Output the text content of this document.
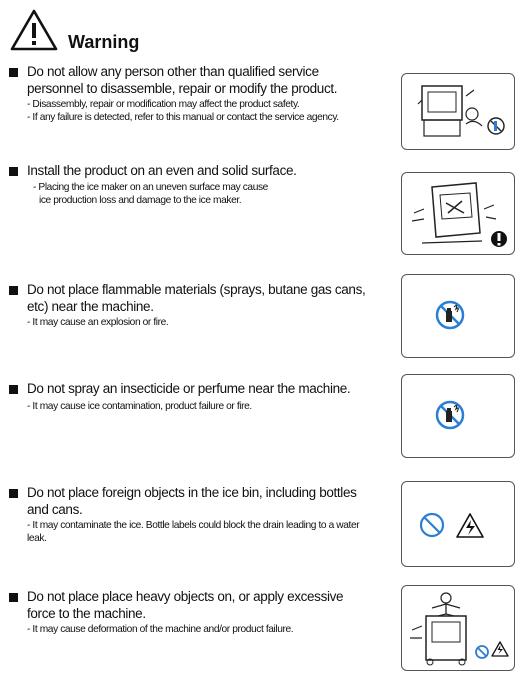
Warning
Do not allow any person other than qualified service
personnel to disassemble, repair or modify the product.
- Disassembly, repair or modification may affect the product safety.
- If any failure is detected, refer to this manual or contact the service agency.
Install the product on an even and solid surface.
- Placing the ice maker on an uneven surface may cause
ice production loss and damage to the ice maker.
Do not place flammable materials (sprays, butane gas cans,
etc) near the machine.
- It may cause an explosion or fire.
Do not spray an insecticide or perfume near the machine.
- It may cause ice contamination, product failure or fire.
Do not place foreign objects in the ice bin, including bottles
and cans.
- It may contaminate the ice. Bottle labels could block the drain leading to a water
leak.
Do not place place heavy objects on, or apply excessive
force to the machine.
- It may cause deformation of the machine and/or product failure.
